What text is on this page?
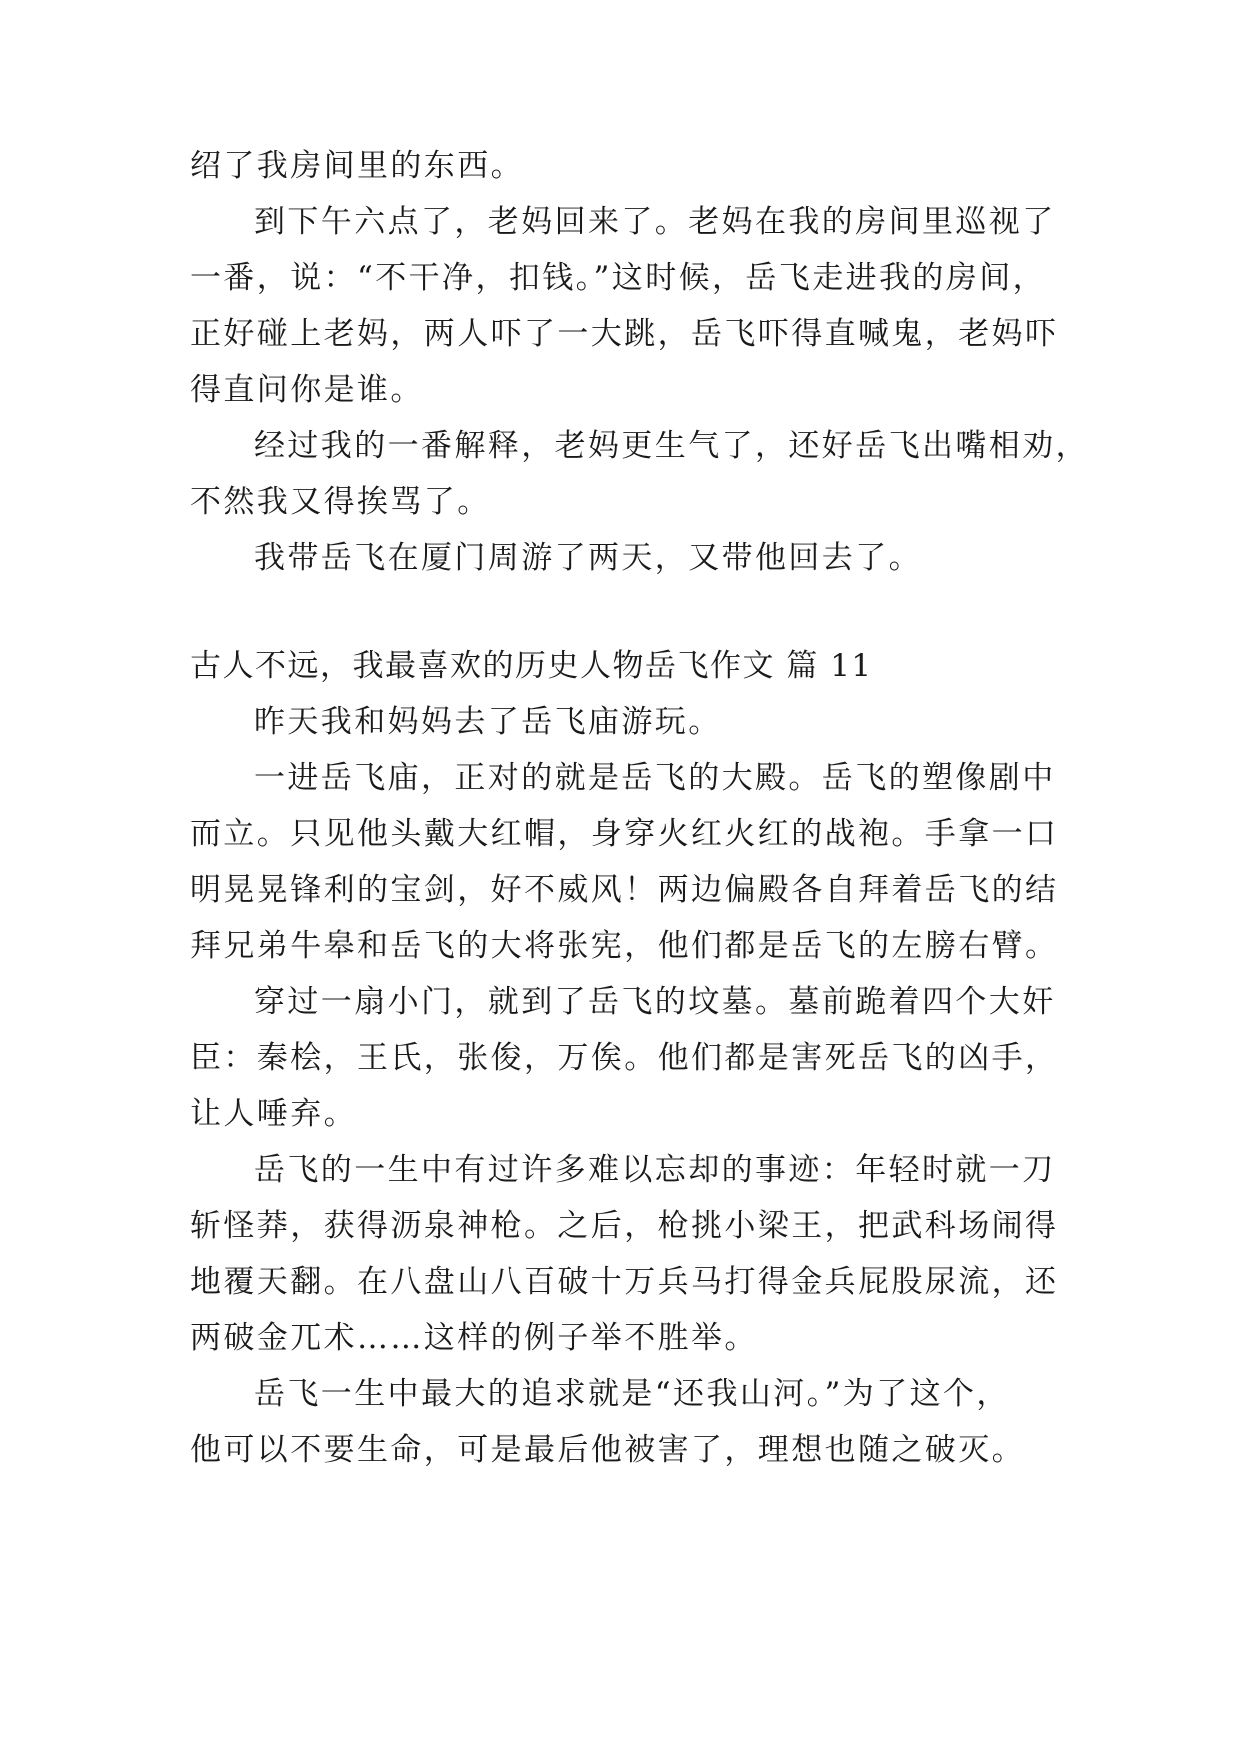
绍了我房间里的东西。
到下午六点了，老妈回来了。老妈在我的房间里巡视了
一番，说：“不干净，扣钱。”这时候，岳飞走进我的房间，
正好碰上老妈，两人吓了一大跳，岳飞吓得直喊鬼，老妈吓
得直问你是谁。
经过我的一番解释，老妈更生气了，还好岳飞出嘴相劝，
不然我又得挨骂了。
我带岳飞在厦门周游了两天，又带他回去了。
古人不远，我最喜欢的历史人物岳飞作文 篇 11
昨天我和妈妈去了岳飞庙游玩。
一进岳飞庙，正对的就是岳飞的大殿。岳飞的塑像剧中
而立。只见他头戴大红帽，身穿火红火红的战袍。手拿一口
明晃晃锋利的宝剑，好不威风！两边偏殿各自拜着岳飞的结
拜兄弟牛皋和岳飞的大将张宪，他们都是岳飞的左膀右臂。
穿过一扇小门，就到了岳飞的坟墓。墓前跪着四个大奸
臣：秦桧，王氏，张俊，万俟。他们都是害死岳飞的凶手，
让人唾弃。
岳飞的一生中有过许多难以忘却的事迹：年轻时就一刀
斩怪莽，获得沥泉神枪。之后，枪挑小梁王，把武科场闹得
地覆天翻。在八盘山八百破十万兵马打得金兵屁股尿流，还
两破金兀术……这样的例子举不胜举。
岳飞一生中最大的追求就是“还我山河。”为了这个，
他可以不要生命，可是最后他被害了，理想也随之破灭。
